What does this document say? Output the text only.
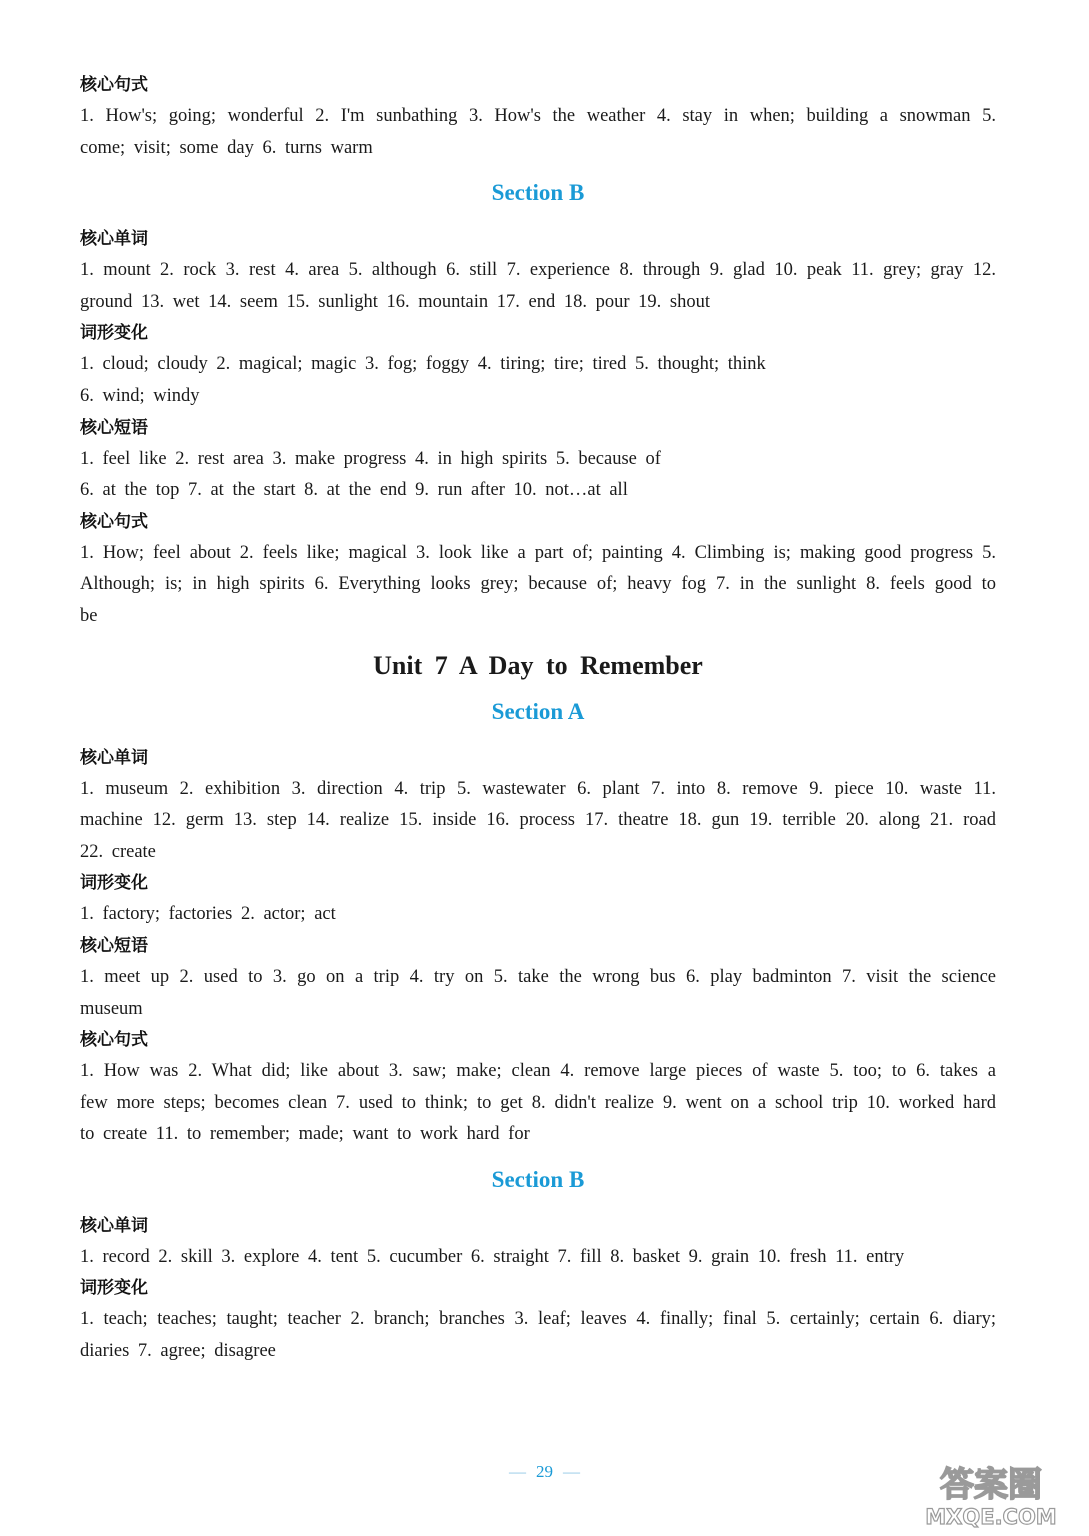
核心句式
1. How's; going; wonderful 2. I'm sunbathing 3. How's the weather 4. stay in when; building a snowman 5. come; visit; some day 6. turns warm
Section B
核心单词
1. mount 2. rock 3. rest 4. area 5. although 6. still 7. experience 8. through 9. glad 10. peak 11. grey; gray 12. ground 13. wet 14. seem 15. sunlight 16. mountain 17. end 18. pour 19. shout
词形变化
1. cloud; cloudy 2. magical; magic 3. fog; foggy 4. tiring; tire; tired 5. thought; think
6. wind; windy
核心短语
1. feel like 2. rest area 3. make progress 4. in high spirits 5. because of
6. at the top 7. at the start 8. at the end 9. run after 10. not…at all
核心句式
1. How; feel about 2. feels like; magical 3. look like a part of; painting 4. Climbing is; making good progress 5. Although; is; in high spirits 6. Everything looks grey; because of; heavy fog 7. in the sunlight 8. feels good to be
Unit 7 A Day to Remember
Section A
核心单词
1. museum 2. exhibition 3. direction 4. trip 5. wastewater 6. plant 7. into 8. remove 9. piece 10. waste 11. machine 12. germ 13. step 14. realize 15. inside 16. process 17. theatre 18. gun 19. terrible 20. along 21. road 22. create
词形变化
1. factory; factories 2. actor; act
核心短语
1. meet up 2. used to 3. go on a trip 4. try on 5. take the wrong bus 6. play badminton 7. visit the science museum
核心句式
1. How was 2. What did; like about 3. saw; make; clean 4. remove large pieces of waste 5. too; to 6. takes a few more steps; becomes clean 7. used to think; to get 8. didn't realize 9. went on a school trip 10. worked hard to create 11. to remember; made; want to work hard for
Section B
核心单词
1. record 2. skill 3. explore 4. tent 5. cucumber 6. straight 7. fill 8. basket 9. grain 10. fresh 11. entry
词形变化
1. teach; teaches; taught; teacher 2. branch; branches 3. leaf; leaves 4. finally; final 5. certainly; certain 6. diary; diaries 7. agree; disagree
— 29 —	答案圈
MXQE.COM
